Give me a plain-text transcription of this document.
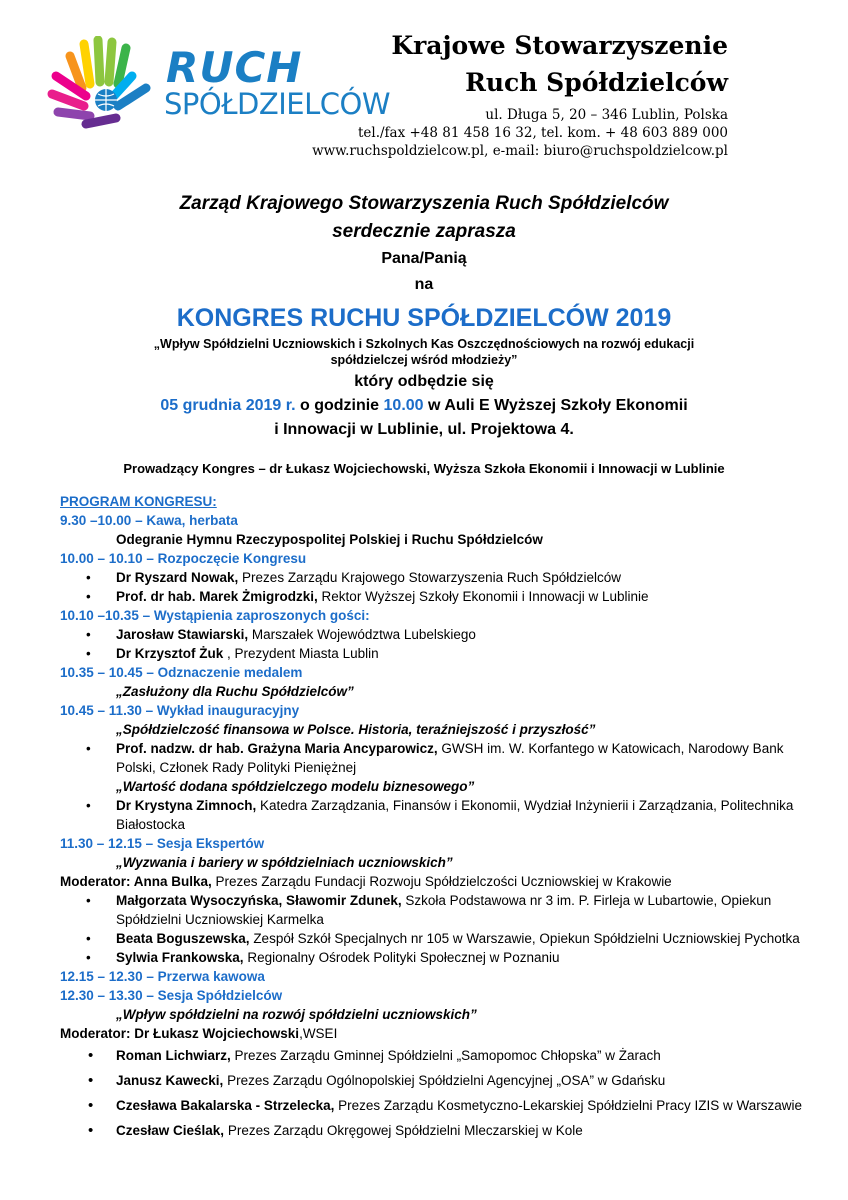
RUCH
SPÓŁDZIELCÓW
Krajowe Stowarzyszenie
Ruch Spółdzielców
ul. Długa 5, 20 – 346 Lublin, Polska
tel./fax +48 81 458 16 32, tel. kom. + 48 603 889 000
www.ruchspoldzielcow.pl, e-mail: biuro@ruchspoldzielcow.pl
Zarząd Krajowego Stowarzyszenia Ruch Spółdzielców
serdecznie zaprasza
Pana/Panią
na
KONGRES RUCHU SPÓŁDZIELCÓW 2019
„Wpływ Spółdzielni Uczniowskich i Szkolnych Kas Oszczędnościowych na rozwój edukacji spółdzielczej wśród młodzieży”
który odbędzie się
05 grudnia 2019 r. o godzinie 10.00 w Auli E Wyższej Szkoły Ekonomii
i Innowacji w Lublinie, ul. Projektowa 4.
Prowadzący Kongres – dr Łukasz Wojciechowski, Wyższa Szkoła Ekonomii i Innowacji w Lublinie
PROGRAM KONGRESU:
9.30 –10.00 – Kawa, herbata
Odegranie Hymnu Rzeczypospolitej Polskiej i Ruchu Spółdzielców
10.00 – 10.10 – Rozpoczęcie Kongresu
• Dr Ryszard Nowak, Prezes Zarządu Krajowego Stowarzyszenia Ruch Spółdzielców
• Prof. dr hab. Marek Żmigrodzki, Rektor Wyższej Szkoły Ekonomii i Innowacji w Lublinie
10.10 –10.35 – Wystąpienia zaproszonych gości:
• Jarosław Stawiarski, Marszałek Województwa Lubelskiego
• Dr Krzysztof Żuk , Prezydent Miasta Lublin
10.35 – 10.45 – Odznaczenie medalem
„Zasłużony dla Ruchu Spółdzielców”
10.45 – 11.30 – Wykład inauguracyjny
„Spółdzielczość finansowa w Polsce. Historia, teraźniejszość i przyszłość”
• Prof. nadzw. dr hab. Grażyna Maria Ancyparowicz, GWSH im. W. Korfantego w Katowicach, Narodowy Bank Polski, Członek Rady Polityki Pieniężnej
„Wartość dodana spółdzielczego modelu biznesowego”
• Dr Krystyna Zimnoch, Katedra Zarządzania, Finansów i Ekonomii, Wydział Inżynierii i Zarządzania, Politechnika Białostocka
11.30 – 12.15 – Sesja Ekspertów
„Wyzwania i bariery w spółdzielniach uczniowskich”
Moderator: Anna Bulka, Prezes Zarządu Fundacji Rozwoju Spółdzielczości Uczniowskiej w Krakowie
• Małgorzata Wysoczyńska, Sławomir Zdunek, Szkoła Podstawowa nr 3 im. P. Firleja w Lubartowie, Opiekun Spółdzielni Uczniowskiej Karmelka
• Beata Boguszewska, Zespół Szkół Specjalnych nr 105 w Warszawie, Opiekun Spółdzielni Uczniowskiej Pychotka
• Sylwia Frankowska, Regionalny Ośrodek Polityki Społecznej w Poznaniu
12.15 – 12.30 – Przerwa kawowa
12.30 – 13.30 – Sesja Spółdzielców
„Wpływ spółdzielni na rozwój spółdzielni uczniowskich”
Moderator: Dr Łukasz Wojciechowski,WSEI
• Roman Lichwiarz, Prezes Zarządu Gminnej Spółdzielni „Samopomoc Chłopska” w Żarach
• Janusz Kawecki, Prezes Zarządu Ogólnopolskiej Spółdzielni Agencyjnej „OSA” w Gdańsku
• Czesława Bakalarska - Strzelecka, Prezes Zarządu Kosmetyczno-Lekarskiej Spółdzielni Pracy IZIS w Warszawie
• Czesław Cieślak, Prezes Zarządu Okręgowej Spółdzielni Mleczarskiej w Kole
